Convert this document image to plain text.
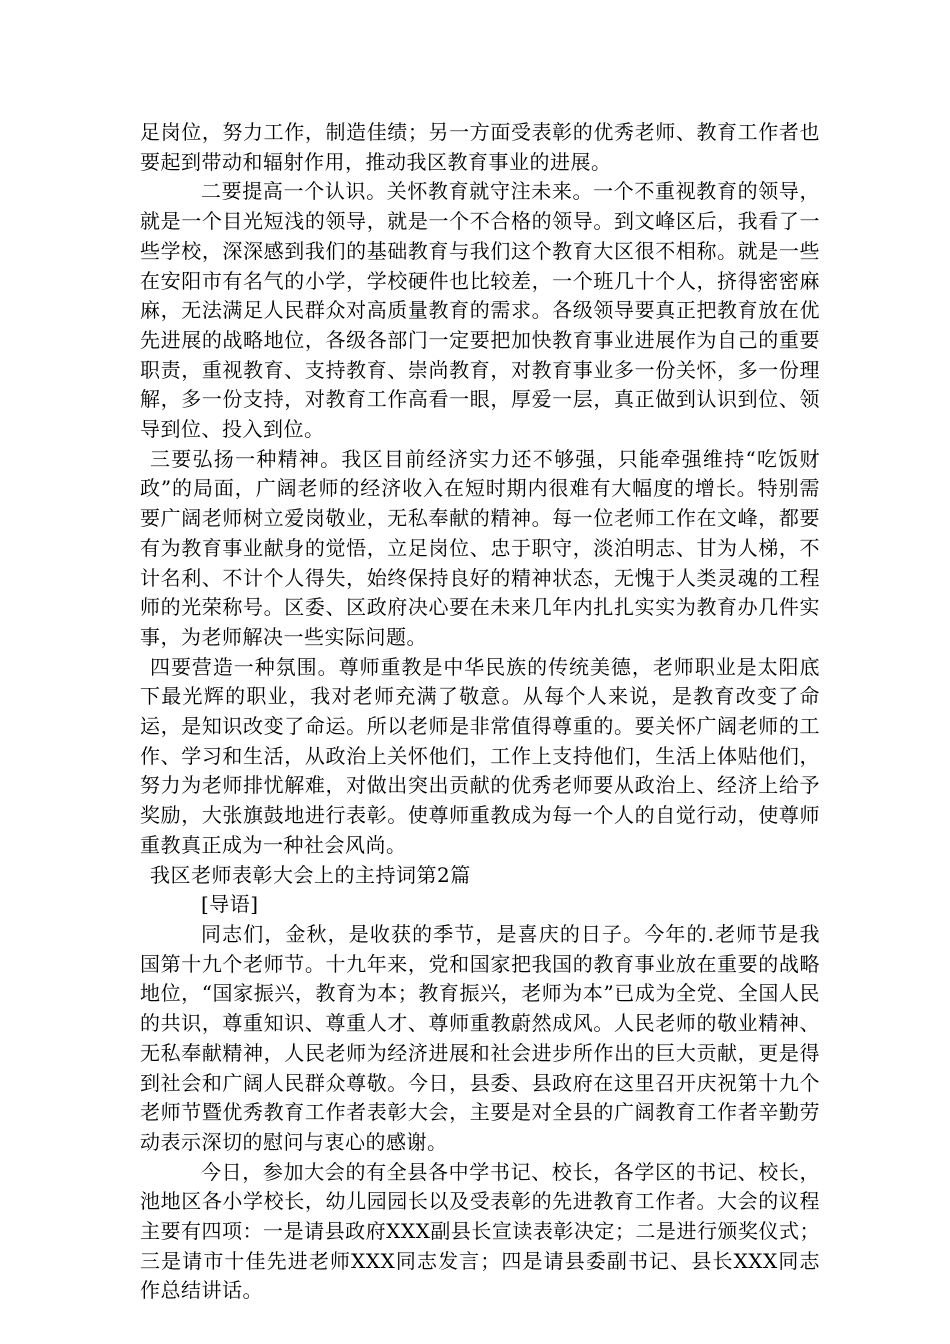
足岗位，努力工作，制造佳绩；另一方面受表彰的优秀老师、教育工作者也要起到带动和辐射作用，推动我区教育事业的进展。

二要提高一个认识。关怀教育就守注未来。一个不重视教育的领导，就是一个目光短浅的领导，就是一个不合格的领导。到文峰区后，我看了一些学校，深深感到我们的基础教育与我们这个教育大区很不相称。就是一些在安阳市有名气的小学，学校硬件也比较差，一个班几十个人，挤得密密麻麻，无法满足人民群众对高质量教育的需求。各级领导要真正把教育放在优先进展的战略地位，各级各部门一定要把加快教育事业进展作为自己的重要职责，重视教育、支持教育、崇尚教育，对教育事业多一份关怀，多一份理解，多一份支持，对教育工作高看一眼，厚爱一层，真正做到认识到位、领导到位、投入到位。

三要弘扬一种精神。我区目前经济实力还不够强，只能牵强维持“吃饭财政”的局面，广阔老师的经济收入在短时期内很难有大幅度的增长。特别需要广阔老师树立爱岗敬业，无私奉献的精神。每一位老师工作在文峰，都要有为教育事业献身的觉悟，立足岗位、忠于职守，淡泊明志、甘为人梯，不计名利、不计个人得失，始终保持良好的精神状态，无愧于人类灵魂的工程师的光荣称号。区委、区政府决心要在未来几年内扎扎实实为教育办几件实事，为老师解决一些实际问题。

四要营造一种氛围。尊师重教是中华民族的传统美德，老师职业是太阳底下最光辉的职业，我对老师充满了敬意。从每个人来说，是教育改变了命运，是知识改变了命运。所以老师是非常值得尊重的。要关怀广阔老师的工作、学习和生活，从政治上关怀他们，工作上支持他们，生活上体贴他们，努力为老师排忧解难，对做出突出贡献的优秀老师要从政治上、经济上给予奖励，大张旗鼓地进行表彰。使尊师重教成为每一个人的自觉行动，使尊师重教真正成为一种社会风尚。

我区老师表彰大会上的主持词第2篇

[导语]

同志们，金秋，是收获的季节，是喜庆的日子。今年的.老师节是我国第十九个老师节。十九年来，党和国家把我国的教育事业放在重要的战略地位，“国家振兴，教育为本；教育振兴，老师为本”已成为全党、全国人民的共识，尊重知识、尊重人才、尊师重教蔚然成风。人民老师的敬业精神、无私奉献精神，人民老师为经济进展和社会进步所作出的巨大贡献，更是得到社会和广阔人民群众尊敬。今日，县委、县政府在这里召开庆祝第十九个老师节暨优秀教育工作者表彰大会，主要是对全县的广阔教育工作者辛勤劳动表示深切的慰问与衷心的感谢。

今日，参加大会的有全县各中学书记、校长，各学区的书记、校长，池地区各小学校长，幼儿园园长以及受表彰的先进教育工作者。大会的议程主要有四项：一是请县政府XXX副县长宣读表彰决定；二是进行颁奖仪式；三是请市十佳先进老师XXX同志发言；四是请县委副书记、县长XXX同志作总结讲话。
